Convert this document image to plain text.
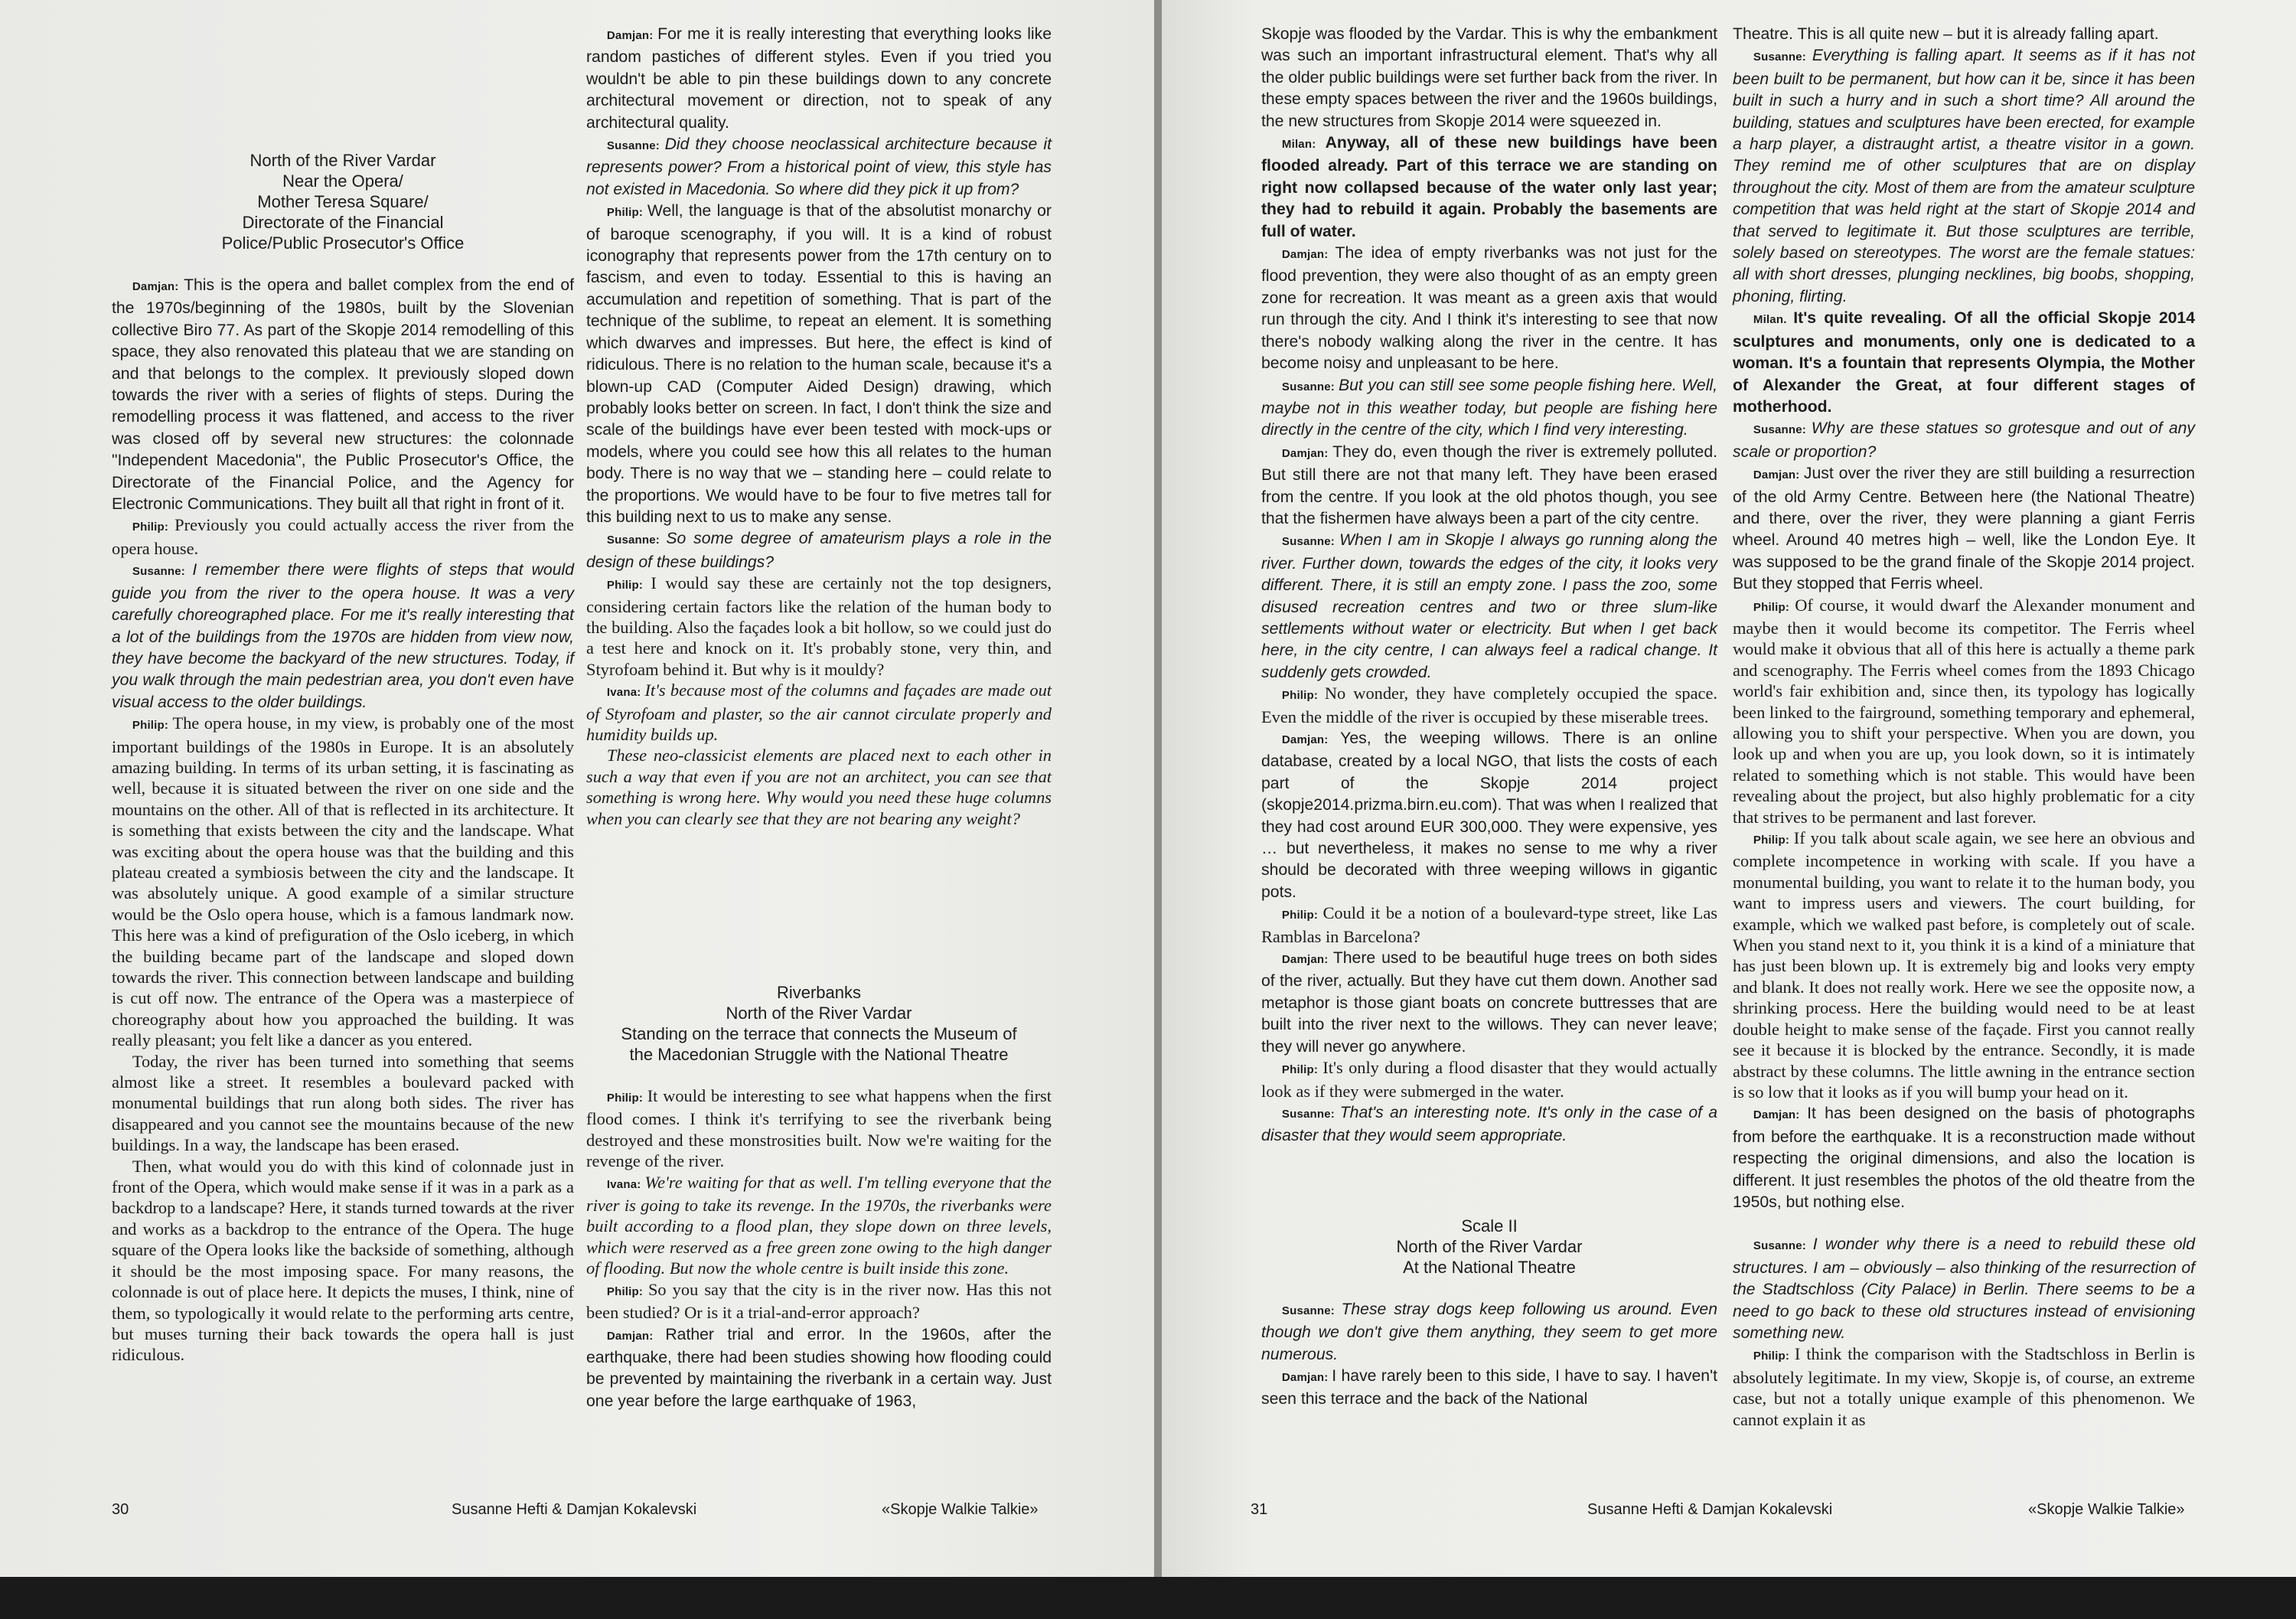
North of the River Vardar

Near the Opera/

Mother Teresa Square/

Directorate of the Financial

Police/Public Prosecutor's Office

Damjan: This is the opera and ballet complex from the end of the 1970s/beginning of the 1980s, built by the Slovenian collective Biro 77. As part of the Skopje 2014 remodelling of this space, they also renovated this plateau that we are standing on and that belongs to the complex. It previously sloped down towards the river with a series of flights of steps. During the remodelling process it was flattened, and access to the river was closed off by several new structures: the colonnade "Independent Macedonia", the Public Prosecutor's Office, the Directorate of the Financial Police, and the Agency for Electronic Communications. They built all that right in front of it.

Philip: Previously you could actually access the river from the opera house.

Susanne: I remember there were flights of steps that would guide you from the river to the opera house. It was a very carefully choreographed place. For me it's really interesting that a lot of the buildings from the 1970s are hidden from view now, they have become the backyard of the new structures. Today, if you walk through the main pedestrian area, you don't even have visual access to the older buildings.

Philip: The opera house, in my view, is probably one of the most important buildings of the 1980s in Europe. It is an absolutely amazing building. In terms of its urban setting, it is fascinating as well, because it is situated between the river on one side and the mountains on the other. All of that is reflected in its architecture. It is something that exists between the city and the landscape. What was exciting about the opera house was that the building and this plateau created a symbiosis between the city and the landscape. It was absolutely unique. A good example of a similar structure would be the Oslo opera house, which is a famous landmark now. This here was a kind of prefiguration of the Oslo iceberg, in which the building became part of the landscape and sloped down towards the river. This connection between landscape and building is cut off now. The entrance of the Opera was a masterpiece of choreography about how you approached the building. It was really pleasant; you felt like a dancer as you entered.

Today, the river has been turned into something that seems almost like a street. It resembles a boulevard packed with monumental buildings that run along both sides. The river has disappeared and you cannot see the mountains because of the new buildings. In a way, the landscape has been erased.

Then, what would you do with this kind of colonnade just in front of the Opera, which would make sense if it was in a park as a backdrop to a landscape? Here, it stands turned towards at the river and works as a backdrop to the entrance of the Opera. The huge square of the Opera looks like the backside of something, although it should be the most imposing space. For many reasons, the colonnade is out of place here. It depicts the muses, I think, nine of them, so typologically it would relate to the performing arts centre, but muses turning their back towards the opera hall is just ridiculous.

Damjan: For me it is really interesting that everything looks like random pastiches of different styles. Even if you tried you wouldn't be able to pin these buildings down to any concrete architectural movement or direction, not to speak of any architectural quality.

Susanne: Did they choose neoclassical architecture because it represents power? From a historical point of view, this style has not existed in Macedonia. So where did they pick it up from?

Philip: Well, the language is that of the absolutist monarchy or of baroque scenography, if you will. It is a kind of robust iconography that represents power from the 17th century on to fascism, and even to today. Essential to this is having an accumulation and repetition of something. That is part of the technique of the sublime, to repeat an element. It is something which dwarves and impresses. But here, the effect is kind of ridiculous. There is no relation to the human scale, because it's a blown-up CAD (Computer Aided Design) drawing, which probably looks better on screen. In fact, I don't think the size and scale of the buildings have ever been tested with mock-ups or models, where you could see how this all relates to the human body. There is no way that we – standing here – could relate to the proportions. We would have to be four to five metres tall for this building next to us to make any sense.

Susanne: So some degree of amateurism plays a role in the design of these buildings?

Philip: I would say these are certainly not the top designers, considering certain factors like the relation of the human body to the building. Also the façades look a bit hollow, so we could just do a test here and knock on it. It's probably stone, very thin, and Styrofoam behind it. But why is it mouldy?

Ivana: It's because most of the columns and façades are made out of Styrofoam and plaster, so the air cannot circulate properly and humidity builds up.

These neo-classicist elements are placed next to each other in such a way that even if you are not an architect, you can see that something is wrong here. Why would you need these huge columns when you can clearly see that they are not bearing any weight?

Riverbanks

North of the River Vardar

Standing on the terrace that connects the Museum of

the Macedonian Struggle with the National Theatre

Philip: It would be interesting to see what happens when the first flood comes. I think it's terrifying to see the riverbank being destroyed and these monstrosities built. Now we're waiting for the revenge of the river.

Ivana: We're waiting for that as well. I'm telling everyone that the river is going to take its revenge. In the 1970s, the riverbanks were built according to a flood plan, they slope down on three levels, which were reserved as a free green zone owing to the high danger of flooding. But now the whole centre is built inside this zone.

Philip: So you say that the city is in the river now. Has this not been studied? Or is it a trial-and-error approach?

Damjan: Rather trial and error. In the 1960s, after the earthquake, there had been studies showing how flooding could be prevented by maintaining the riverbank in a certain way. Just one year before the large earthquake of 1963,

30	Susanne Hefti & Damjan Kokalevski	«Skopje Walkie Talkie»

Skopje was flooded by the Vardar. This is why the embankment was such an important infrastructural element. That's why all the older public buildings were set further back from the river. In these empty spaces between the river and the 1960s buildings, the new structures from Skopje 2014 were squeezed in.

Milan: Anyway, all of these new buildings have been flooded already. Part of this terrace we are standing on right now collapsed because of the water only last year; they had to rebuild it again. Probably the basements are full of water.

Damjan: The idea of empty riverbanks was not just for the flood prevention, they were also thought of as an empty green zone for recreation. It was meant as a green axis that would run through the city. And I think it's interesting to see that now there's nobody walking along the river in the centre. It has become noisy and unpleasant to be here.

Susanne: But you can still see some people fishing here. Well, maybe not in this weather today, but people are fishing here directly in the centre of the city, which I find very interesting.

Damjan: They do, even though the river is extremely polluted. But still there are not that many left. They have been erased from the centre. If you look at the old photos though, you see that the fishermen have always been a part of the city centre.

Susanne: When I am in Skopje I always go running along the river. Further down, towards the edges of the city, it looks very different. There, it is still an empty zone. I pass the zoo, some disused recreation centres and two or three slum-like settlements without water or electricity. But when I get back here, in the city centre, I can always feel a radical change. It suddenly gets crowded.

Philip: No wonder, they have completely occupied the space. Even the middle of the river is occupied by these miserable trees.

Damjan: Yes, the weeping willows. There is an online database, created by a local NGO, that lists the costs of each part of the Skopje 2014 project (skopje2014.prizma.birn.eu.com). That was when I realized that they had cost around EUR 300,000. They were expensive, yes … but nevertheless, it makes no sense to me why a river should be decorated with three weeping willows in gigantic pots.

Philip: Could it be a notion of a boulevard-type street, like Las Ramblas in Barcelona?

Damjan: There used to be beautiful huge trees on both sides of the river, actually. But they have cut them down. Another sad metaphor is those giant boats on concrete buttresses that are built into the river next to the willows. They can never leave; they will never go anywhere.

Philip: It's only during a flood disaster that they would actually look as if they were submerged in the water.

Susanne: That's an interesting note. It's only in the case of a disaster that they would seem appropriate.

Scale II

North of the River Vardar

At the National Theatre

Susanne: These stray dogs keep following us around. Even though we don't give them anything, they seem to get more numerous.

Damjan: I have rarely been to this side, I have to say. I haven't seen this terrace and the back of the National

Theatre. This is all quite new – but it is already falling apart.

Susanne: Everything is falling apart. It seems as if it has not been built to be permanent, but how can it be, since it has been built in such a hurry and in such a short time? All around the building, statues and sculptures have been erected, for example a harp player, a distraught artist, a theatre visitor in a gown. They remind me of other sculptures that are on display throughout the city. Most of them are from the amateur sculpture competition that was held right at the start of Skopje 2014 and that served to legitimate it. But those sculptures are terrible, solely based on stereotypes. The worst are the female statues: all with short dresses, plunging necklines, big boobs, shopping, phoning, flirting.

Milan. It's quite revealing. Of all the official Skopje 2014 sculptures and monuments, only one is dedicated to a woman. It's a fountain that represents Olympia, the Mother of Alexander the Great, at four different stages of motherhood.

Susanne: Why are these statues so grotesque and out of any scale or proportion?

Damjan: Just over the river they are still building a resurrection of the old Army Centre. Between here (the National Theatre) and there, over the river, they were planning a giant Ferris wheel. Around 40 metres high – well, like the London Eye. It was supposed to be the grand finale of the Skopje 2014 project. But they stopped that Ferris wheel.

Philip: Of course, it would dwarf the Alexander monument and maybe then it would become its competitor. The Ferris wheel would make it obvious that all of this here is actually a theme park and scenography. The Ferris wheel comes from the 1893 Chicago world's fair exhibition and, since then, its typology has logically been linked to the fairground, something temporary and ephemeral, allowing you to shift your perspective. When you are down, you look up and when you are up, you look down, so it is intimately related to something which is not stable. This would have been revealing about the project, but also highly problematic for a city that strives to be permanent and last forever.

Philip: If you talk about scale again, we see here an obvious and complete incompetence in working with scale. If you have a monumental building, you want to relate it to the human body, you want to impress users and viewers. The court building, for example, which we walked past before, is completely out of scale. When you stand next to it, you think it is a kind of a miniature that has just been blown up. It is extremely big and looks very empty and blank. It does not really work. Here we see the opposite now, a shrinking process. Here the building would need to be at least double height to make sense of the façade. First you cannot really see it because it is blocked by the entrance. Secondly, it is made abstract by these columns. The little awning in the entrance section is so low that it looks as if you will bump your head on it.

Damjan: It has been designed on the basis of photographs from before the earthquake. It is a reconstruction made without respecting the original dimensions, and also the location is different. It just resembles the photos of the old theatre from the 1950s, but nothing else.

Susanne: I wonder why there is a need to rebuild these old structures. I am – obviously – also thinking of the resurrection of the Stadtschloss (City Palace) in Berlin. There seems to be a need to go back to these old structures instead of envisioning something new.

Philip: I think the comparison with the Stadtschloss in Berlin is absolutely legitimate. In my view, Skopje is, of course, an extreme case, but not a totally unique example of this phenomenon. We cannot explain it as

31	Susanne Hefti & Damjan Kokalevski	«Skopje Walkie Talkie»
